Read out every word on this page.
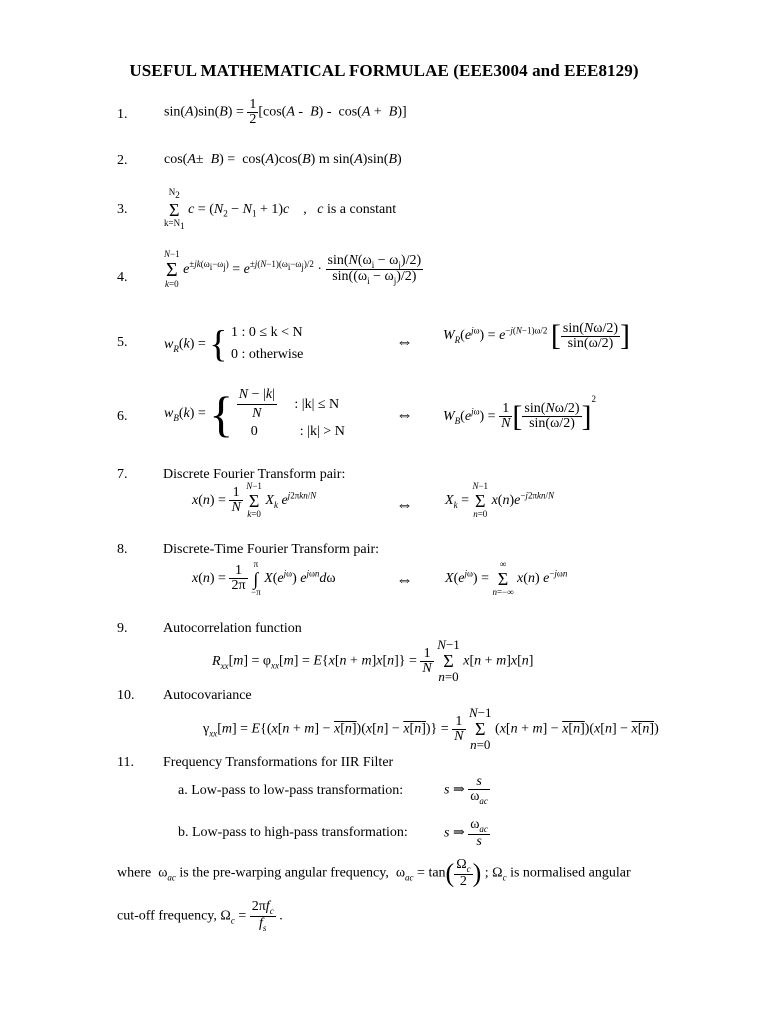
USEFUL MATHEMATICAL FORMULAE (EEE3004 and EEE8129)
1.	$\sin(A)\sin(B) = \frac{1}{2} [\cos(A - B) - \cos(A + B)]$
2.	cos(A±  B) =  cos(A)cos(B) m sin(A)sin(B)
3.
$N_2$
Σ
$k=N_1$
$c = (N_2 - N_1 + 1)c$    ,   c is a constant
4.
N−1
Σ
k=0
$e^{\pm jk(\omega_i-\omega_j)} = e^{\pm j(N-1)(\omega_i-\omega_j)/2} \cdot \frac{\sin(N(\omega_i - \omega_j)/2)}{\sin((\omega_i - \omega_j)/2)}$
5.	$w_R(k)$ = { 1 : 0 ≤ k < N
0 : otherwise
⇔ $W_R(e^{j\omega}) = e^{-j(N-1)\omega/2}$ [ $\frac{\sin(N\omega/2)}{\sin(\omega/2)}$ ]
6.	$w_B(k)$ = { $\frac{N - |k|}{N}$ : |k| ≤ N
0	: |k| > N
⇔ $W_B(e^{j\omega}) = \frac{1}{N}$ [ $\frac{\sin(N\omega/2)}{\sin(\omega/2)} ]^2$
7.	Discrete Fourier Transform pair:
$x(n) = \frac{1}{N}$

N−1
Σ
k=0
$X_k$ $e^{j2\pi kn/N}$	⇔ $X_k$ =
N−1
Σ
n=0
$x(n)e^{-j2\pi kn/N}$
8.	Discrete-Time Fourier Transform pair:
$x(n) = \frac{1}{2\pi}$

π
∫
−π
$X(e^{j\omega})$ $e^{j\omega n}d\omega$	⇔ $X(e^{j\omega})$ =
∞
Σ
n=−∞
x(n) $e^{-j\omega n}$
9.	Autocorrelation function
$R_{xx}[m] = \varphi_{xx}[m] = E\{x[n + m]x[n]\} = \frac{1}{N}$

N−1
Σ
n=0
x[n + m]x[n]
10. Autocovariance
$\gamma_{xx}[m] = E\{(x[n + m] - x[n])(x[n] - x[n])\} = \frac{1}{N}$

N−1
Σ
n=0
(x[n + m] − x[n])(x[n] − x[n])
11. Frequency Transformations for IIR Filter
a. Low-pass to low-pass transformation:	s ⇒ $\frac{s}{\omega_{ac}}$
b. Low-pass to high-pass transformation:	s ⇒ $\frac{\omega_{ac}}{s}$
where  $\omega_{ac}$ is the pre-warping angular frequency,  $\omega_{ac} = \tan( \frac{\Omega_c}{2}$ ) ; $\Omega_c$ is normalised angular
cut-off frequency, $\Omega_c = \frac{2\pi f_c}{f_s}$ .
